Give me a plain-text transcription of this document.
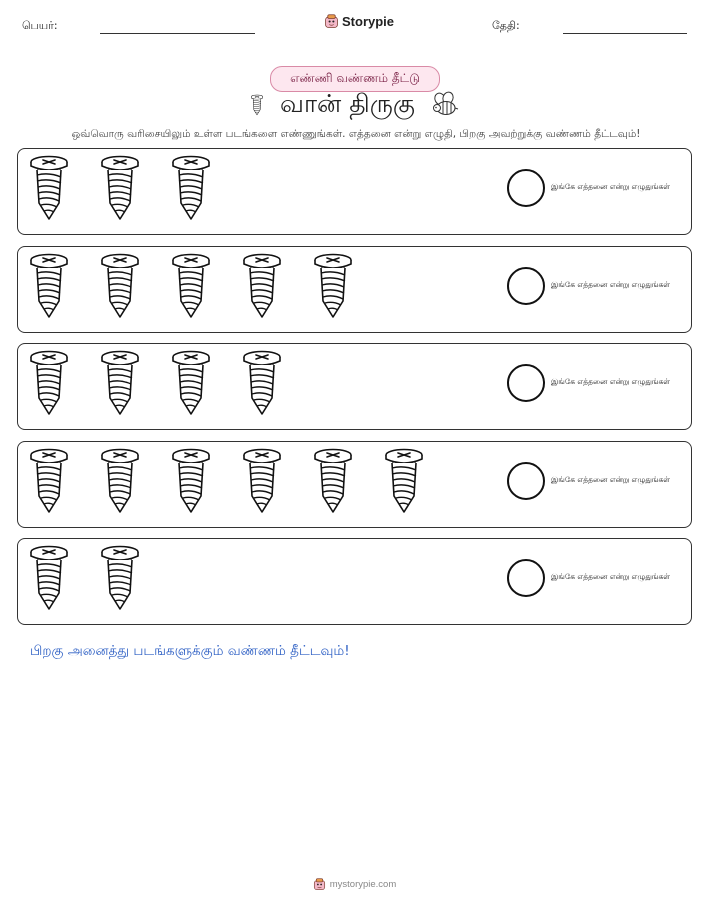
பெயர்:	Storypie	தேதி:
எண்ணி வண்ணம் தீட்டு
வான் திருகு
ஒவ்வொரு வரிசையிலும் உள்ள படங்களை எண்ணுங்கள். எத்தனை என்று எழுதி, பிறகு அவற்றுக்கு வண்ணம் தீட்டவும்!
இங்கே எத்தனை என்று எழுதுங்கள்
இங்கே எத்தனை என்று எழுதுங்கள்
இங்கே எத்தனை என்று எழுதுங்கள்
இங்கே எத்தனை என்று எழுதுங்கள்
இங்கே எத்தனை என்று எழுதுங்கள்
பிறகு அனைத்து படங்களுக்கும் வண்ணம் தீட்டவும்!
mystorypie.com
